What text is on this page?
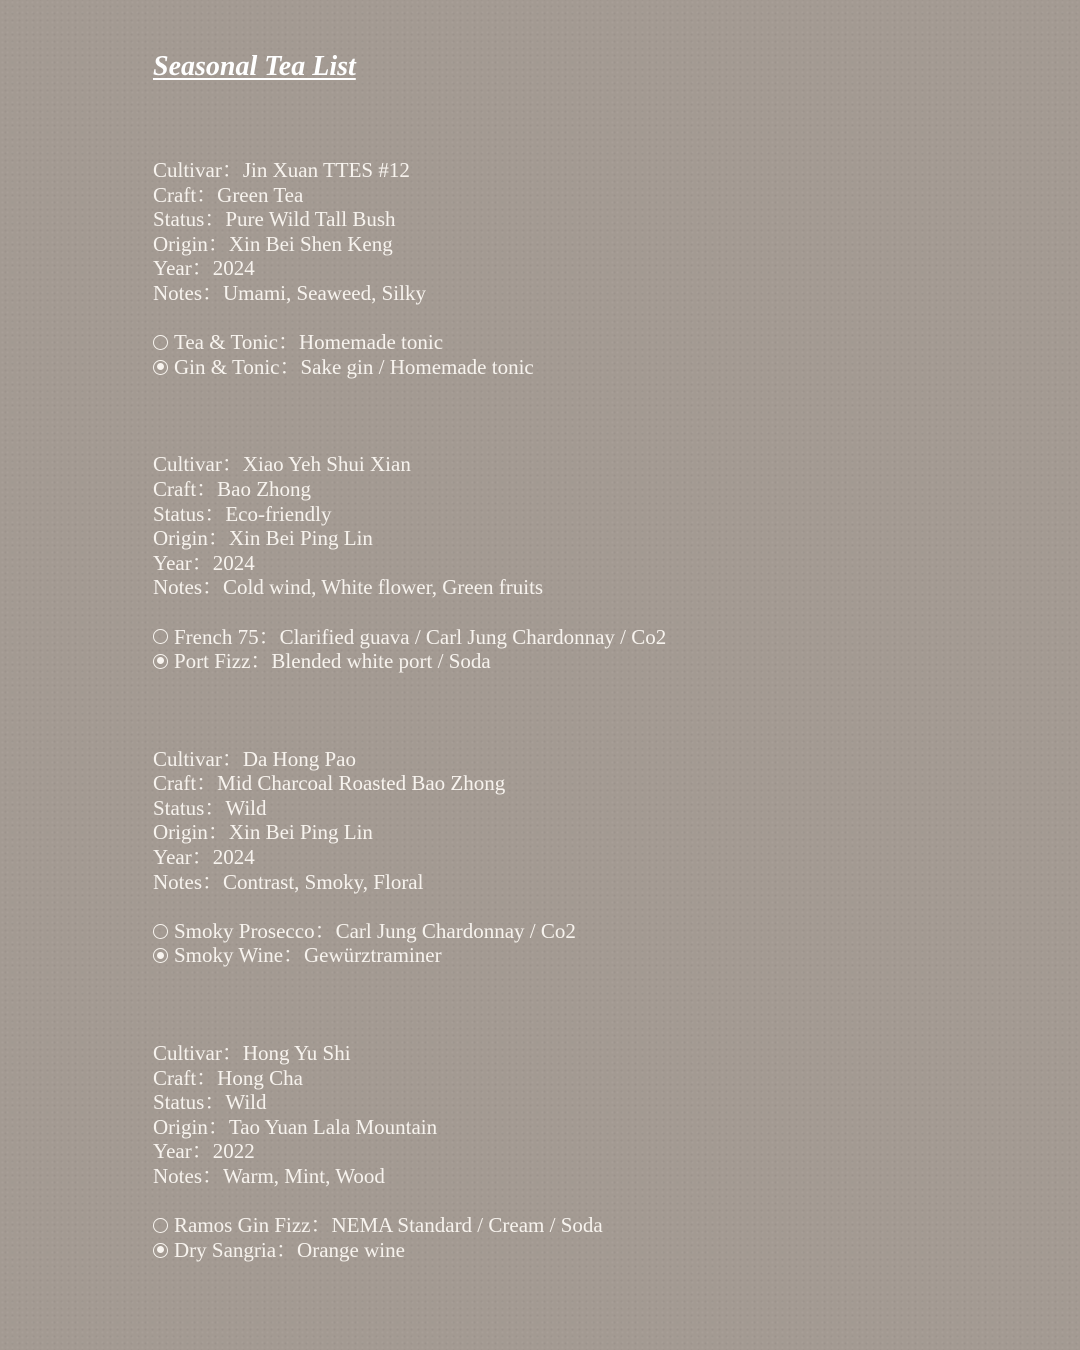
Seasonal Tea List
Cultivar：Jin Xuan TTES #12
Craft：Green Tea
Status：Pure Wild Tall Bush
Origin：Xin Bei Shen Keng
Year：2024
Notes：Umami, Seaweed, Silky
Tea & Tonic：Homemade tonic
Gin & Tonic：Sake gin / Homemade tonic
Cultivar：Xiao Yeh Shui Xian
Craft：Bao Zhong
Status：Eco-friendly
Origin：Xin Bei Ping Lin
Year：2024
Notes：Cold wind, White flower, Green fruits
French 75：Clarified guava / Carl Jung Chardonnay / Co2
Port Fizz：Blended white port / Soda
Cultivar：Da Hong Pao
Craft：Mid Charcoal Roasted Bao Zhong
Status：Wild
Origin：Xin Bei Ping Lin
Year：2024
Notes：Contrast, Smoky, Floral
Smoky Prosecco：Carl Jung Chardonnay / Co2
Smoky Wine：Gewürztraminer
Cultivar：Hong Yu Shi
Craft：Hong Cha
Status：Wild
Origin：Tao Yuan Lala Mountain
Year：2022
Notes：Warm, Mint, Wood
Ramos Gin Fizz：NEMA Standard / Cream / Soda
Dry Sangria：Orange wine
